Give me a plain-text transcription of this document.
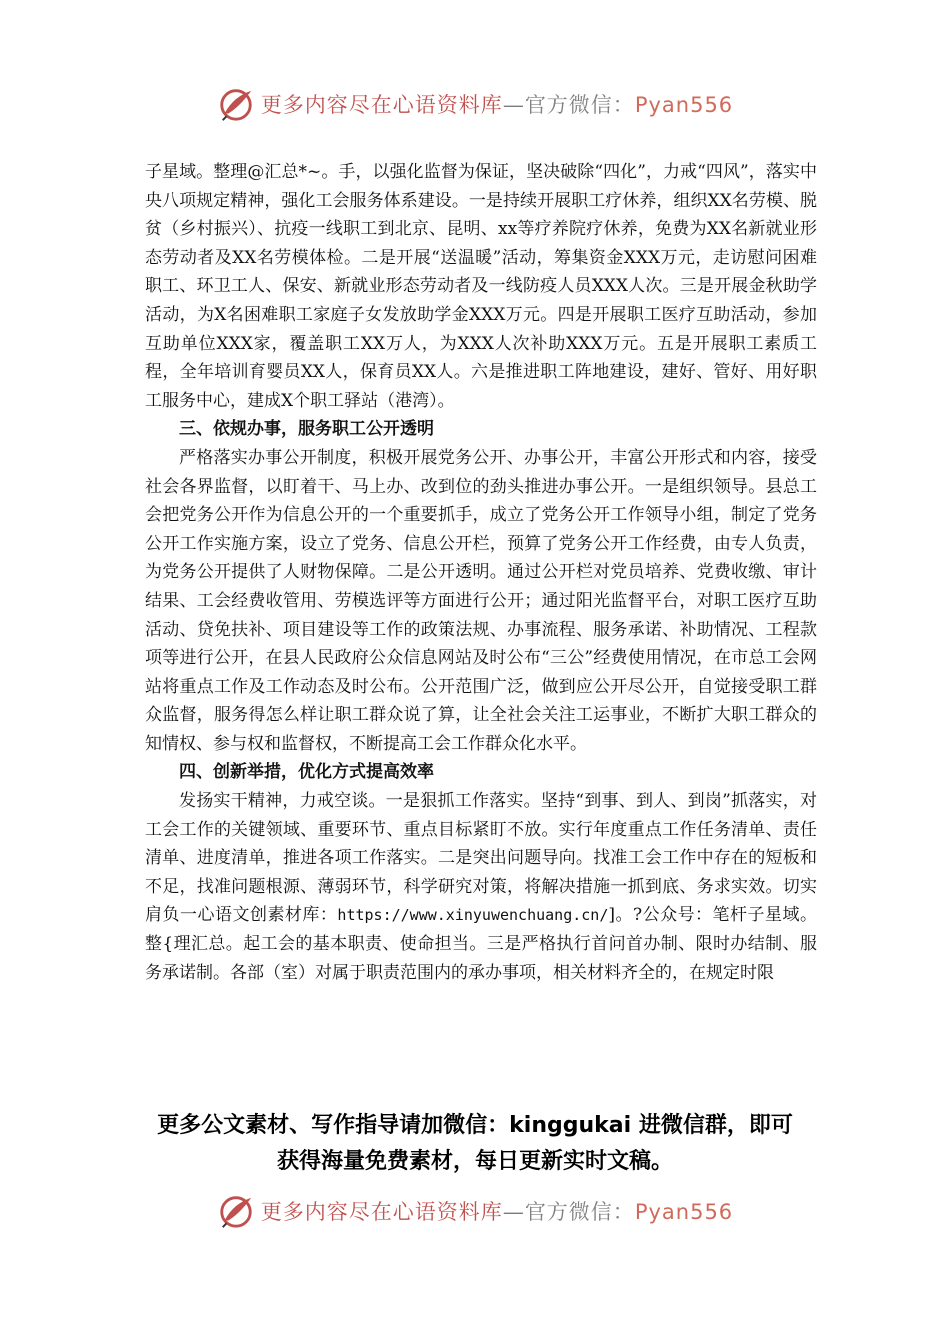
更多内容尽在心语资料库—官方微信：Pyan556

子星域。整理@汇总*~。手，以强化监督为保证，坚决破除“四化”，力戒“四风”，落实中央八项规定精神，强化工会服务体系建设。一是持续开展职工疗休养，组织XX名劳模、脱贫（乡村振兴）、抗疫一线职工到北京、昆明、xx等疗养院疗休养，免费为XX名新就业形态劳动者及XX名劳模体检。二是开展“送温暖”活动，筹集资金XXX万元，走访慰问困难职工、环卫工人、保安、新就业形态劳动者及一线防疫人员XXX人次。三是开展金秋助学活动，为X名困难职工家庭子女发放助学金XXX万元。四是开展职工医疗互助活动，参加互助单位XXX家，覆盖职工XX万人，为XXX人次补助XXX万元。五是开展职工素质工程，全年培训育婴员XX人，保育员XX人。六是推进职工阵地建设，建好、管好、用好职工服务中心，建成X个职工驿站（港湾）。

三、依规办事，服务职工公开透明

严格落实办事公开制度，积极开展党务公开、办事公开，丰富公开形式和内容，接受社会各界监督，以盯着干、马上办、改到位的劲头推进办事公开。一是组织领导。县总工会把党务公开作为信息公开的一个重要抓手，成立了党务公开工作领导小组，制定了党务公开工作实施方案，设立了党务、信息公开栏，预算了党务公开工作经费，由专人负责，为党务公开提供了人财物保障。二是公开透明。通过公开栏对党员培养、党费收缴、审计结果、工会经费收管用、劳模选评等方面进行公开；通过阳光监督平台，对职工医疗互助活动、贷免扶补、项目建设等工作的政策法规、办事流程、服务承诺、补助情况、工程款项等进行公开，在县人民政府公众信息网站及时公布“三公”经费使用情况，在市总工会网站将重点工作及工作动态及时公布。公开范围广泛，做到应公开尽公开，自觉接受职工群众监督，服务得怎么样让职工群众说了算，让全社会关注工运事业，不断扩大职工群众的知情权、参与权和监督权，不断提高工会工作群众化水平。

四、创新举措，优化方式提高效率

发扬实干精神，力戒空谈。一是狠抓工作落实。坚持“到事、到人、到岗”抓落实，对工会工作的关键领域、重要环节、重点目标紧盯不放。实行年度重点工作任务清单、责任清单、进度清单，推进各项工作落实。二是突出问题导向。找准工会工作中存在的短板和不足，找准问题根源、薄弱环节，科学研究对策，将解决措施一抓到底、务求实效。切实肩负一心语文创素材库：https://www.xinyuwenchuang.cn/]。?公众号：笔杆子星域。整{理汇总。起工会的基本职责、使命担当。三是严格执行首问首办制、限时办结制、服务承诺制。各部（室）对属于职责范围内的承办事项，相关材料齐全的，在规定时限

更多公文素材、写作指导请加微信：kinggukai 进微信群，即可
获得海量免费素材，每日更新实时文稿。
更多内容尽在心语资料库—官方微信：Pyan556
